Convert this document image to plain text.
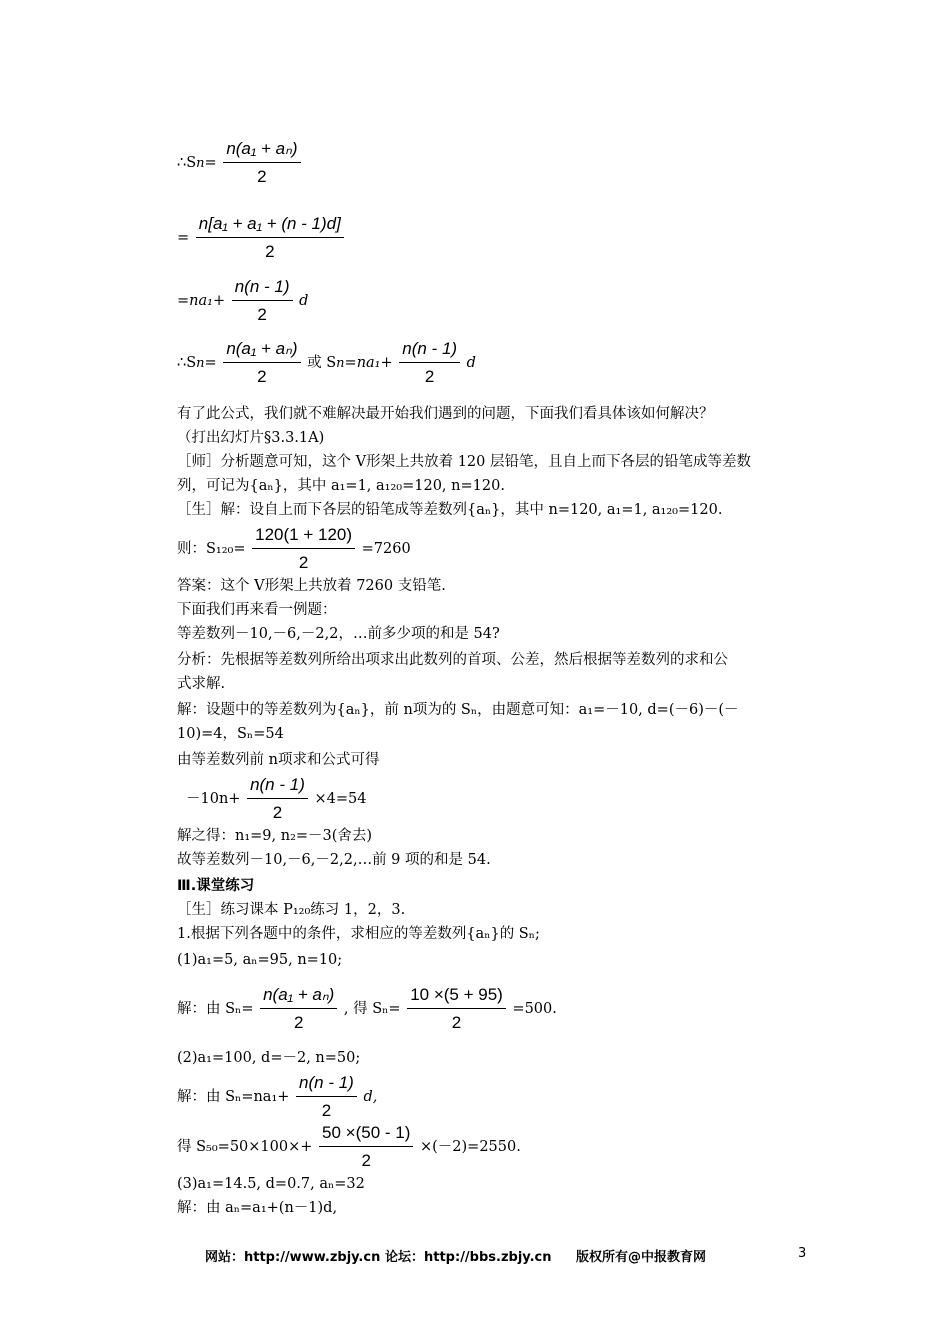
∴Sn= $\frac{\text{n(a₁ + aₙ)}}{2}$
= $\frac{\text{n[a₁ + a₁ + (n - 1)d]}}{2}$
$=na_1+ \frac{n(n - 1)}{2}$ d
∴Sn= $\frac{\text{n(a₁ + aₙ)}}{2}$ 或 $Sn=na_1+ \frac{n(n - 1)}{2}$ d
有了此公式，我们就不难解决最开始我们遇到的问题，下面我们看具体该如何解决？
（打出幻灯片§3.3.1A)
［师］分析题意可知，这个 V形架上共放着 120 层铅笔，且自上而下各层的铅笔成等差数
列，可记为{aₙ}，其中 a₁=1, a₁₂₀=120, n=120.
［生］解：设自上而下各层的铅笔成等差数列{aₙ}，其中 n=120, a₁=1, a₁₂₀=120.
则：$S_{120}= \frac{120(1 + 120)}{2} =7260$
答案：这个 V形架上共放着 7260 支铅笔.
下面我们再来看一例题：
等差数列－10,－6,－2,2，…前多少项的和是 54?
分析：先根据等差数列所给出项求出此数列的首项、公差，然后根据等差数列的求和公
式求解.
解：设题中的等差数列为{aₙ}，前 n项为的 Sₙ，由题意可知：a₁=－10, d=(－6)－(－
10)=4，Sₙ=54
由等差数列前 n项求和公式可得
$-10n+ \frac{n(n - 1)}{2} \times 4=54$
解之得：n₁=9, n₂=－3(舍去)
故等差数列－10,－6,－2,2,…前 9 项的和是 54.
Ⅲ.课堂练习
［生］练习课本 P₁₂₀练习 1，2，3.
1.根据下列各题中的条件，求相应的等差数列{aₙ}的 Sₙ;
(1)a₁=5, aₙ=95, n=10;
解：由 $S_n= \frac{\text{n(a₁ + aₙ)}}{2}$ , 得 $S_n= \frac{10 \times(5 + 95)}{2} =500$.
(2)a₁=100, d=－2, n=50;
解：由 $S_n=na_1+ \frac{n(n - 1)}{2} d$,
得 $S_{50}=50\times 100\times+ \frac{50 \times(50 - 1)}{2} \times(-2)=2550$.
(3)a₁=14.5, d=0.7, aₙ=32
解：由 aₙ=a₁+(n－1)d,
网站：http://www.zbjy.cn 论坛：http://bbs.zbjy.cn 版权所有@中报教育网	3
